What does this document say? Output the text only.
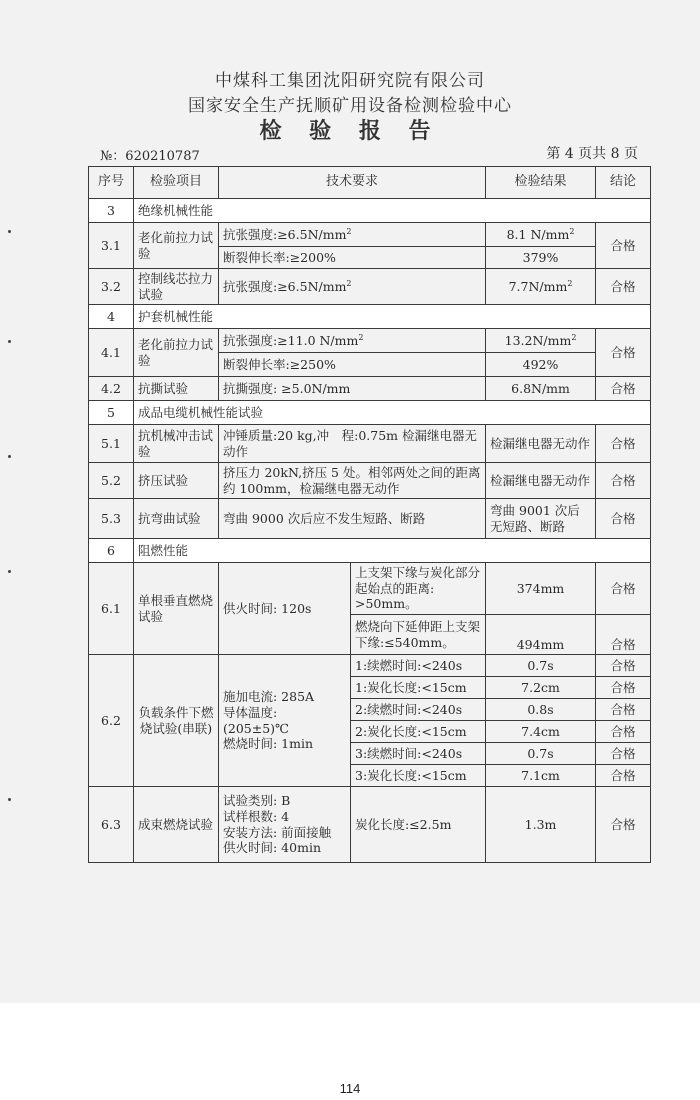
中煤科工集团沈阳研究院有限公司
国家安全生产抚顺矿用设备检测检验中心
检 验 报 告
№：620210787	第 4 页共 8 页
序号	检验项目	技术要求		检验结果	结论
3	绝缘机械性能				
3.1	老化前拉力试验	抗张强度$:\ge 6.5N/mm^2$		8.1 $N/mm^2$	合格
		断裂伸长率:≥200%		379%	
3.2	控制线芯拉力试验	抗张强度$:\ge 6.5N/mm^2$		$7.7N/mm^2$	合格
4	护套机械性能				
4.1	老化前拉力试验	抗张强度:≥11.0 $N/mm^2$		$13.2N/mm^2$	合格
		断裂伸长率:≥250%		492%	
4.2	抗撕试验	抗撕强度: ≥5.0N/mm		6.8N/mm	合格
5	成品电缆机械性能试验				
5.1	抗机械冲击试验	冲锤质量:20 kg,冲　程:0.75m 检漏继电器无动作		检漏继电器无动作	合格
5.2	挤压试验	挤压力 20kN,挤压 5 处。相邻两处之间的距离约 100mm，检漏继电器无动作		检漏继电器无动作	合格
5.3	抗弯曲试验	弯曲 9000 次后应不发生短路、断路		弯曲 9001 次后无短路、断路	合格
6	阻燃性能				
6.1	单根垂直燃烧试验	供火时间: 120s	上支架下缘与炭化部分起始点的距离: >50mm。	374mm	合格
			燃烧向下延伸距上支架下缘:≤540mm。	494mm	合格
6.2	负载条件下燃烧试验(串联)	施加电流: 285A
导体温度:
(205±5)℃
燃烧时间: 1min	1:续燃时间:<240s	0.7s	合格
			1:炭化长度:<15cm	7.2cm	合格
			2:续燃时间:<240s	0.8s	合格
			2:炭化长度:<15cm	7.4cm	合格
			3:续燃时间:<240s	0.7s	合格
			3:炭化长度:<15cm	7.1cm	合格
6.3	成束燃烧试验	试验类别: B
试样根数: 4
安装方法: 前面接触
供火时间: 40min	炭化长度:≤2.5m	1.3m	合格
114
